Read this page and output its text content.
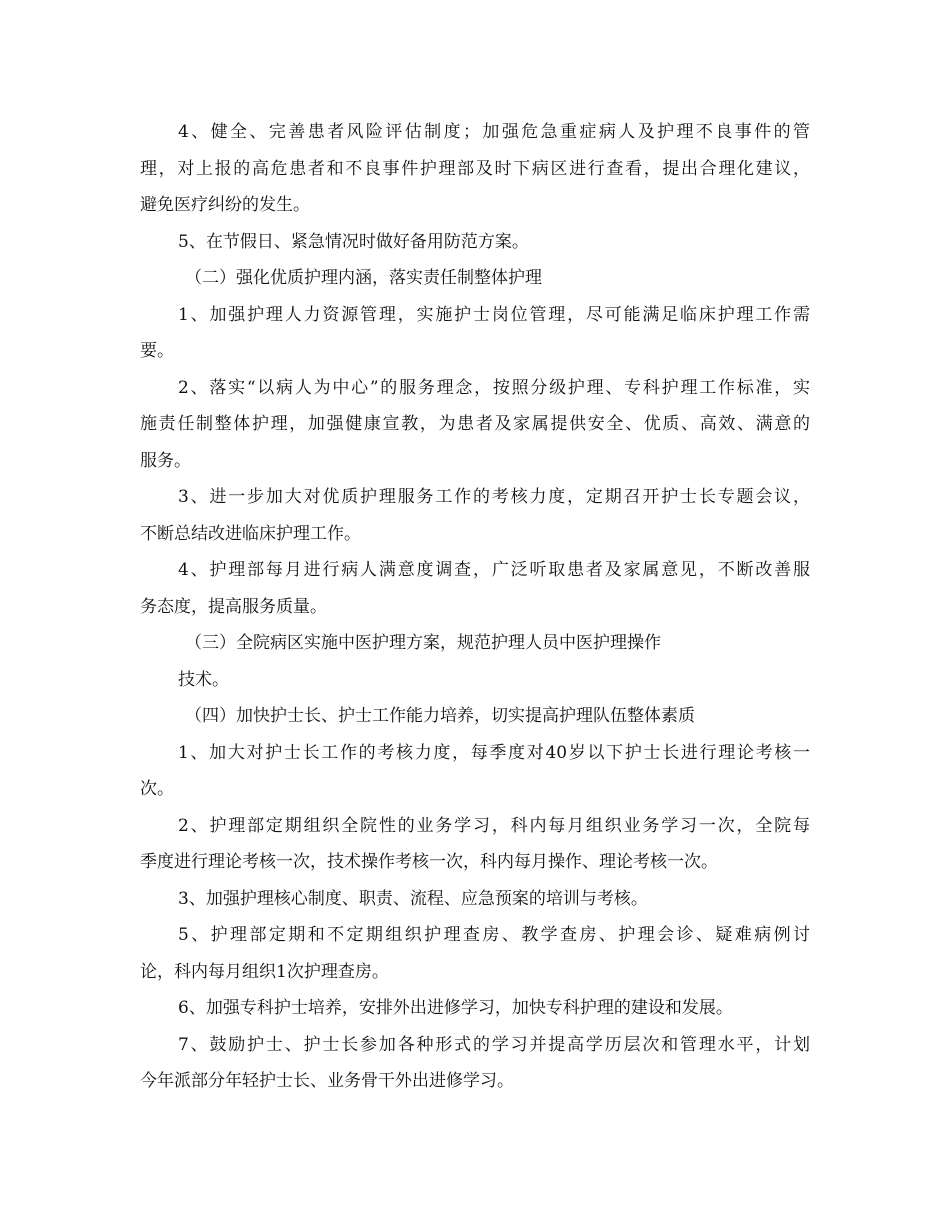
4、健全、完善患者风险评估制度；加强危急重症病人及护理不良事件的管
理，对上报的高危患者和不良事件护理部及时下病区进行查看，提出合理化建议，
避免医疗纠纷的发生。
5、在节假日、紧急情况时做好备用防范方案。
（二）强化优质护理内涵，落实责任制整体护理
1、加强护理人力资源管理，实施护士岗位管理，尽可能满足临床护理工作需
要。
2、落实“以病人为中心”的服务理念，按照分级护理、专科护理工作标准，实
施责任制整体护理，加强健康宣教，为患者及家属提供安全、优质、高效、满意的
服务。
3、进一步加大对优质护理服务工作的考核力度，定期召开护士长专题会议，
不断总结改进临床护理工作。
4、护理部每月进行病人满意度调查，广泛听取患者及家属意见，不断改善服
务态度，提高服务质量。
（三）全院病区实施中医护理方案，规范护理人员中医护理操作
技术。
（四）加快护士长、护士工作能力培养，切实提高护理队伍整体素质
1、加大对护士长工作的考核力度，每季度对40岁以下护士长进行理论考核一
次。
2、护理部定期组织全院性的业务学习，科内每月组织业务学习一次，全院每
季度进行理论考核一次，技术操作考核一次，科内每月操作、理论考核一次。
3、加强护理核心制度、职责、流程、应急预案的培训与考核。
5、护理部定期和不定期组织护理查房、教学查房、护理会诊、疑难病例讨
论，科内每月组织1次护理查房。
6、加强专科护士培养，安排外出进修学习，加快专科护理的建设和发展。
7、鼓励护士、护士长参加各种形式的学习并提高学历层次和管理水平，计划
今年派部分年轻护士长、业务骨干外出进修学习。
